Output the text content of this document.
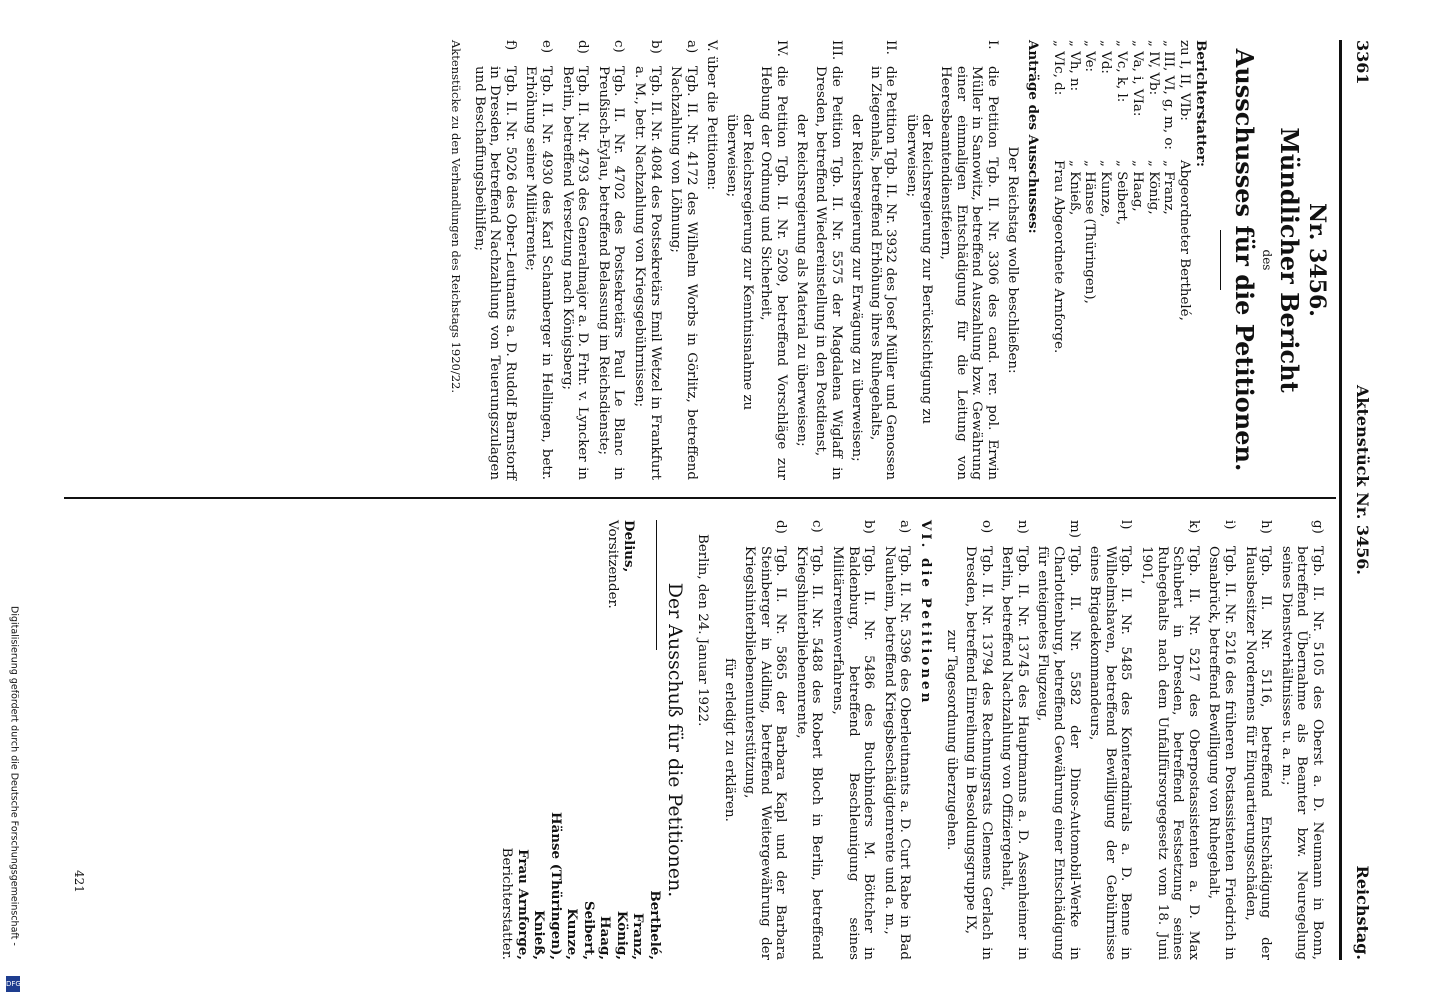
3361
Aktenstück Nr. 3456.
Reichstag.
Nr. 3456.
Mündlicher Bericht
des
Ausschusses für die Petitionen.
Berichterstatter:
zu I, II, VIb:
Abgeordneter Berthelé,
„ III, VI, g, m, o:
„ Franz,
„ IV, Vb:
„ König,
„ Va, i, VIa:
„ Haag,
„ Vc, k, l:
„ Seibert,
„ Vd:
„ Kunze,
„ Ve:
„ Hänse (Thüringen),
„ Vh, n:
„ Knieß,
„ VIc, d:
Frau Abgeordnete Arnforge.
Anträge des Ausschusses:
Der Reichstag wolle beschließen:
I.
die Petition Tgb. II. Nr. 3306 des cand. rer. pol. Erwin Müller in Sanowitz, betreffend Auszahlung bzw. Gewährung einer einmaligen Entschädigung für die Leitung von Heeresbeamtendienstfeiern,
der Reichsregierung zur Berücksichtigung zu überweisen;
II.
die Petition Tgb. II. Nr. 3932 des Josef Müller und Genossen in Ziegenhals, betreffend Erhöhung ihres Ruhegehalts,
der Reichsregierung zur Erwägung zu überweisen;
III.
die Petition Tgb. II. Nr. 5575 der Magdalena Wiglaff in Dresden, betreffend Wiedereinstellung in den Postdienst,
der Reichsregierung als Material zu überweisen;
IV.
die Petition Tgb. II. Nr. 5209, betreffend Vorschläge zur Hebung der Ordnung und Sicherheit,
der Reichsregierung zur Kenntnisnahme zu überweisen;
V. über die Petitionen:
a)
Tgb. II. Nr. 4172 des Wilhelm Worbs in Görlitz, betreffend Nachzahlung von Löhnung;
b)
Tgb. II. Nr. 4084 des Postsekretärs Emil Wetzel in Frankfurt a. M., betr. Nachzahlung von Kriegsgebührnissen;
c)
Tgb. II. Nr. 4702 des Postsekretärs Paul Le Blanc in Preußisch-Eylau, betreffend Belassung im Reichsdienste;
d)
Tgb. II. Nr. 4793 des Generalmajor a. D. Frhr. v. Lyncker in Berlin, betreffend Versetzung nach Königsberg;
e)
Tgb. II. Nr. 4930 des Karl Schamberger in Hellingen, betr. Erhöhung seiner Militärrente;
f)
Tgb. II. Nr. 5026 des Ober-Leutnants a. D. Rudolf Barnstorff in Dresden, betreffend Nachzahlung von Teuerungszulagen und Beschaffungsbeihilfen;
Aktenstücke zu den Verhandlungen des Reichstags 1920/22.
g)
Tgb. II. Nr. 5105 des Oberst a. D. Neumann in Bonn, betreffend Übernahme als Beamter bzw. Neuregelung seines Dienstverhältnisses u. a. m.;
h)
Tgb. II. Nr. 5116, betreffend Entschädigung der Hausbesitzer Nordernens für Einquartierungsschäden,
i)
Tgb. II. Nr. 5216 des früheren Postassistenten Friedrich in Osnabrück, betreffend Bewilligung von Ruhegehalt,
k)
Tgb. II. Nr. 5217 des Oberpostassistenten a. D. Max Schubert in Dresden, betreffend Festsetzung seines Ruhegehalts nach dem Unfallfürsorgegesetz vom 18. Juni 1901,
l)
Tgb. II. Nr. 5485 des Konteradmirals a. D. Benne in Wilhelmshaven, betreffend Bewilligung der Gebührnisse eines Brigadekommandeurs,
m)
Tgb. II. Nr. 5582 der Dinos-Automobil-Werke in Charlottenburg, betreffend Gewährung einer Entschädigung für enteignetes Flugzeug,
n)
Tgb. II. Nr. 13745 des Hauptmanns a. D. Assenheimer in Berlin, betreffend Nachzahlung von Offiziergehalt,
o)
Tgb. II. Nr. 13794 des Rechnungsrats Clemens Gerlach in Dresden, betreffend Einreihung in Besoldungsgruppe IX,
zur Tagesordnung überzugehen.
VI. die Petitionen
a)
Tgb. II. Nr. 5396 des Oberleutnants a. D. Curt Rabe in Bad Nauheim, betreffend Kriegsbeschädigtenrente und a. m.,
b)
Tgb. II. Nr. 5486 des Buchbinders M. Böttcher in Baldenburg, betreffend Beschleunigung seines Militärrentenverfahrens,
c)
Tgb. II. Nr. 5488 des Robert Bloch in Berlin, betreffend Kriegshinterbliebenenrente,
d)
Tgb. II. Nr. 5865 der Barbara Kapl und der Barbara Steinberger in Aidling, betreffend Weitergewährung der Kriegshinterbliebenenunterstützung,
für erledigt zu erklären.
Berlin, den 24. Januar 1922.
Der Ausschuß für die Petitionen.
Delius,
Vorsitzender.
Berthelé,
Franz,
König,
Haag,
Seibert,
Kunze,
Hänse (Thüringen),
Knieß,
Frau Arnforge,
Berichterstatter.
421
Digitalisierung gefördert durch die Deutsche Forschungsgemeinschaft -
DFG
